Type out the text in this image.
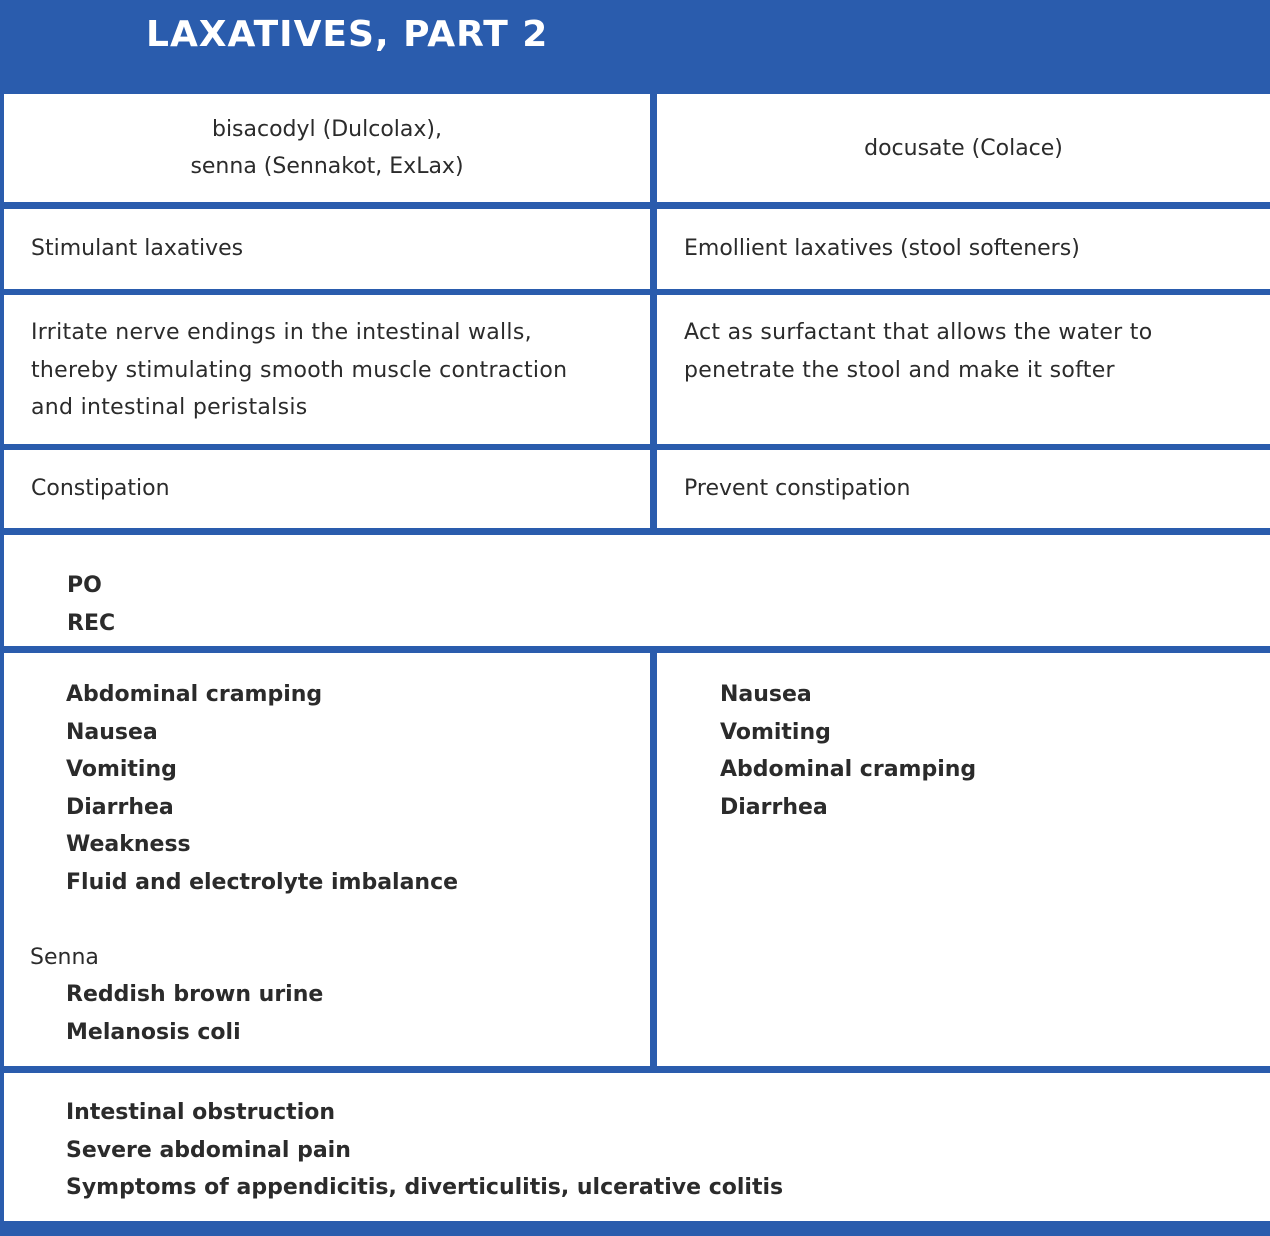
LAXATIVES, PART 2
bisacodyl (Dulcolax),
senna (Sennakot, ExLax)
docusate (Colace)
Stimulant laxatives	Emollient laxatives (stool softeners)
Irritate nerve endings in the intestinal walls, thereby stimulating smooth muscle contraction and intestinal peristalsis
Act as surfactant that allows the water to penetrate the stool and make it softer
Constipation	Prevent constipation
PO
REC
Abdominal cramping
Nausea
Vomiting
Diarrhea
Weakness
Fluid and electrolyte imbalance
Senna
Reddish brown urine
Melanosis coli
Nausea
Vomiting
Abdominal cramping
Diarrhea
Intestinal obstruction
Severe abdominal pain
Symptoms of appendicitis, diverticulitis, ulcerative colitis
